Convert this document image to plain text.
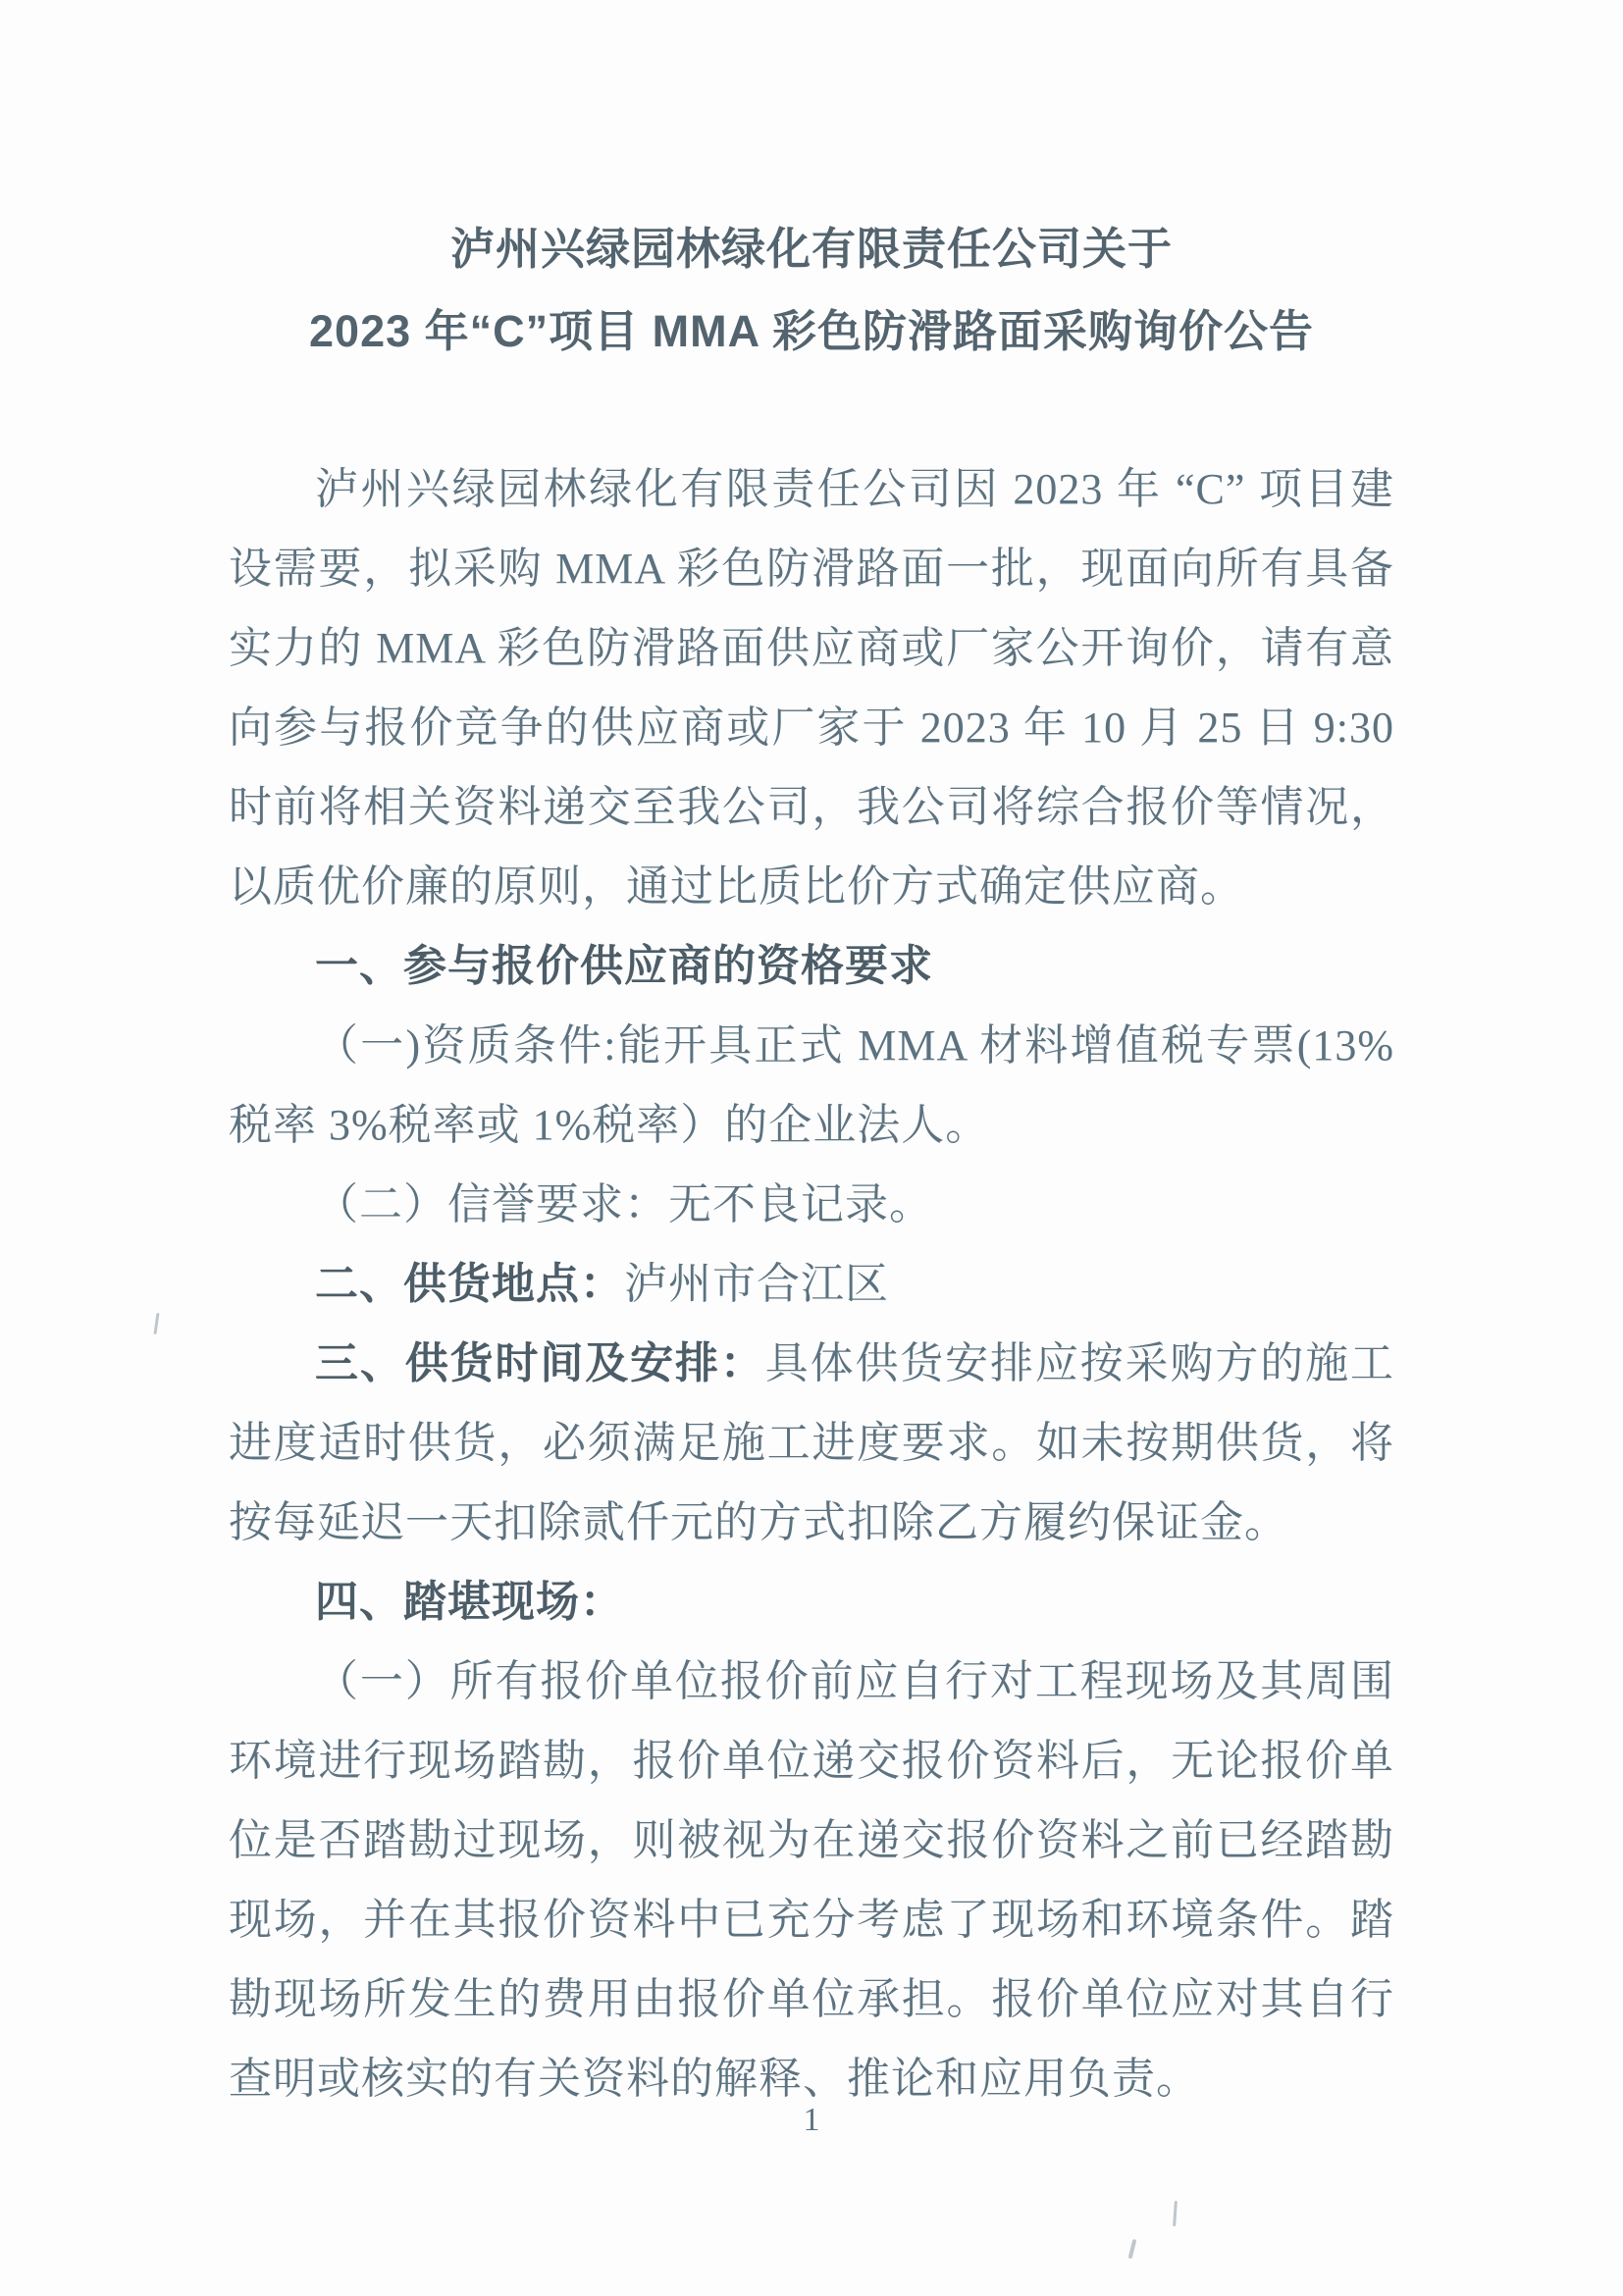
泸州兴绿园林绿化有限责任公司关于
2023 年“C”项目 MMA 彩色防滑路面采购询价公告
泸州兴绿园林绿化有限责任公司因 2023 年 “C” 项目建
设需要，拟采购 MMA 彩色防滑路面一批，现面向所有具备
实力的 MMA 彩色防滑路面供应商或厂家公开询价，请有意
向参与报价竞争的供应商或厂家于 2023 年 10 月 25 日 9:30
时前将相关资料递交至我公司，我公司将综合报价等情况，
以质优价廉的原则，通过比质比价方式确定供应商。
一、参与报价供应商的资格要求
（一)资质条件:能开具正式 MMA 材料增值税专票(13%
税率 3%税率或 1%税率）的企业法人。
（二）信誉要求：无不良记录。
二、供货地点：泸州市合江区
三、供货时间及安排：具体供货安排应按采购方的施工
进度适时供货，必须满足施工进度要求。如未按期供货，将
按每延迟一天扣除贰仟元的方式扣除乙方履约保证金。
四、踏堪现场：
（一）所有报价单位报价前应自行对工程现场及其周围
环境进行现场踏勘，报价单位递交报价资料后，无论报价单
位是否踏勘过现场，则被视为在递交报价资料之前已经踏勘
现场，并在其报价资料中已充分考虑了现场和环境条件。踏
勘现场所发生的费用由报价单位承担。报价单位应对其自行
查明或核实的有关资料的解释、推论和应用负责。
1
